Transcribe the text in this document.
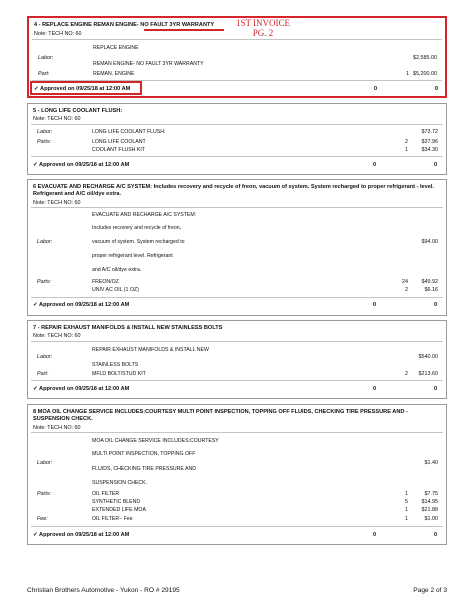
4 - REPLACE ENGINE REMAN ENGINE- NO FAULT 3YR WARRANTY
Note: TECH NO: 60
REPLACE ENGINE
Labor:	$2,585.00
REMAN ENGINE- NO FAULT 3YR WARRANTY
Part:	REMAN. ENGINE	1 $5,200.00
✓ Approved on 09/25/18 at 12:00 AM	0	0
1ST INVOICE
PG. 2
5 - LONG LIFE COOLANT FLUSH:
Note: TECH NO: 60
Labor:	LONG LIFE COOLANT FLUSH:	$73.72
Parts:	LONG LIFE COOLANT	2	$37.96
COOLANT FLUSH KIT	1	$34.30
✓ Approved on 09/25/18 at 12:00 AM	0	0
6 EVACUATE AND RECHARGE A/C SYSTEM: Includes recovery and recycle of freon, vacuum of system. System recharged to proper refrigerant - level. Refrigerant and A/C oil/dye extra.
Note: TECH NO: 60
EVACUATE AND RECHARGE A/C SYSTEM:
Includes recovery and recycle of freon,
Labor:	vacuum of system. System recharged to	$94.00
proper refrigerant level. Refrigerant
and A/C oil/dye extra.
Parts:	FREON/OZ	24	$49.92
UNIV AC OIL (1 OZ)	2	$6.16
✓ Approved on 09/25/18 at 12:00 AM	0	0
7 - REPAIR EXHAUST MANIFOLDS & INSTALL NEW STAINLESS BOLTS
Note: TECH NO: 60
REPAIR EXHAUST MANIFOLDS & INSTALL NEW
Labor:	$540.00
STAINLESS BOLTS
Part:	MFLD BOLT/STUD KIT	2 $213.60
✓ Approved on 09/25/18 at 12:00 AM	0	0
8 MOA OIL CHANGE SERVICE INCLUDES:COURTESY MULTI POINT INSPECTION, TOPPING OFF FLUIDS, CHECKING TIRE PRESSURE AND - SUSPENSION CHECK.
Note: TECH NO: 60
MOA OIL CHANGE SERVICE INCLUDES:COURTESY
MULTI POINT INSPECTION, TOPPING OFF
Labor:	$1.40
FLUIDS, CHECKING TIRE PRESSURE AND
SUSPENSION CHECK.
Parts:	OIL FILTER	1	$7.75
SYNTHETIC BLEND	5	$14.95
EXTENDED LIFE MOA	1	$21.88
Fee:	OIL FILTER - Fee	1	$1.00
✓ Approved on 09/25/18 at 12:00 AM	0	0
Christian Brothers Automotive - Yukon - RO # 29195	Page 2 of 3
